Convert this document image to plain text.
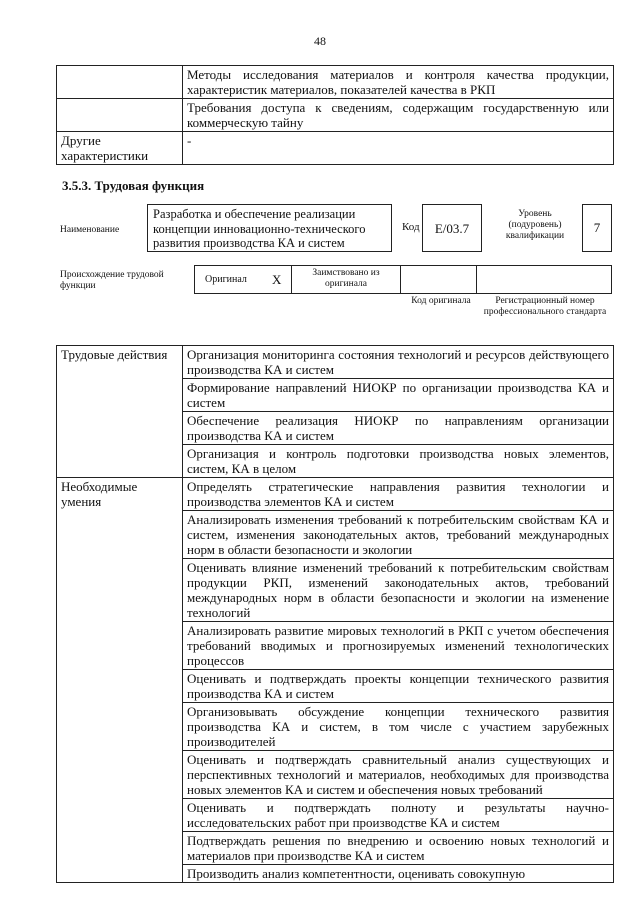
48
	Методы исследования материалов и контроля качества продукции, характеристик материалов, показателей качества в РКП
	Требования доступа к сведениям, содержащим государственную или коммерческую тайну
Другие характеристики	-
3.5.3. Трудовая функция
Наименование
Разработка и обеспечение реализации концепции инновационно-технического развития производства КА и систем
Код	Е/03.7
Уровень (подуровень) квалификации
7
Происхождение трудовой функции
Оригинал X	Заимствовано из оригинала
Код оригинала	Регистрационный номер профессионального стандарта
Трудовые действия	Организация мониторинга состояния технологий и ресурсов действующего производства КА и систем
	Формирование направлений НИОКР по организации производства КА и систем
	Обеспечение реализация НИОКР по направлениям организации производства КА и систем
	Организация и контроль подготовки производства новых элементов, систем, КА в целом
Необходимые умения	Определять стратегические направления развития технологии и производства элементов КА и систем
	Анализировать изменения требований к потребительским свойствам КА и систем, изменения законодательных актов, требований международных норм в области безопасности и экологии
	Оценивать влияние изменений требований к потребительским свойствам продукции РКП, изменений законодательных актов, требований международных норм в области безопасности и экологии на изменение технологий
	Анализировать развитие мировых технологий в РКП с учетом обеспечения требований вводимых и прогнозируемых изменений технологических процессов
	Оценивать и подтверждать проекты концепции технического развития производства КА и систем
	Организовывать обсуждение концепции технического развития производства КА и систем, в том числе с участием зарубежных производителей
	Оценивать и подтверждать сравнительный анализ существующих и перспективных технологий и материалов, необходимых для производства новых элементов КА и систем и обеспечения новых требований
	Оценивать и подтверждать полноту и результаты научно-исследовательских работ при производстве КА и систем
	Подтверждать решения по внедрению и освоению новых технологий и материалов при производстве КА и систем
	Производить анализ компетентности, оценивать совокупную
